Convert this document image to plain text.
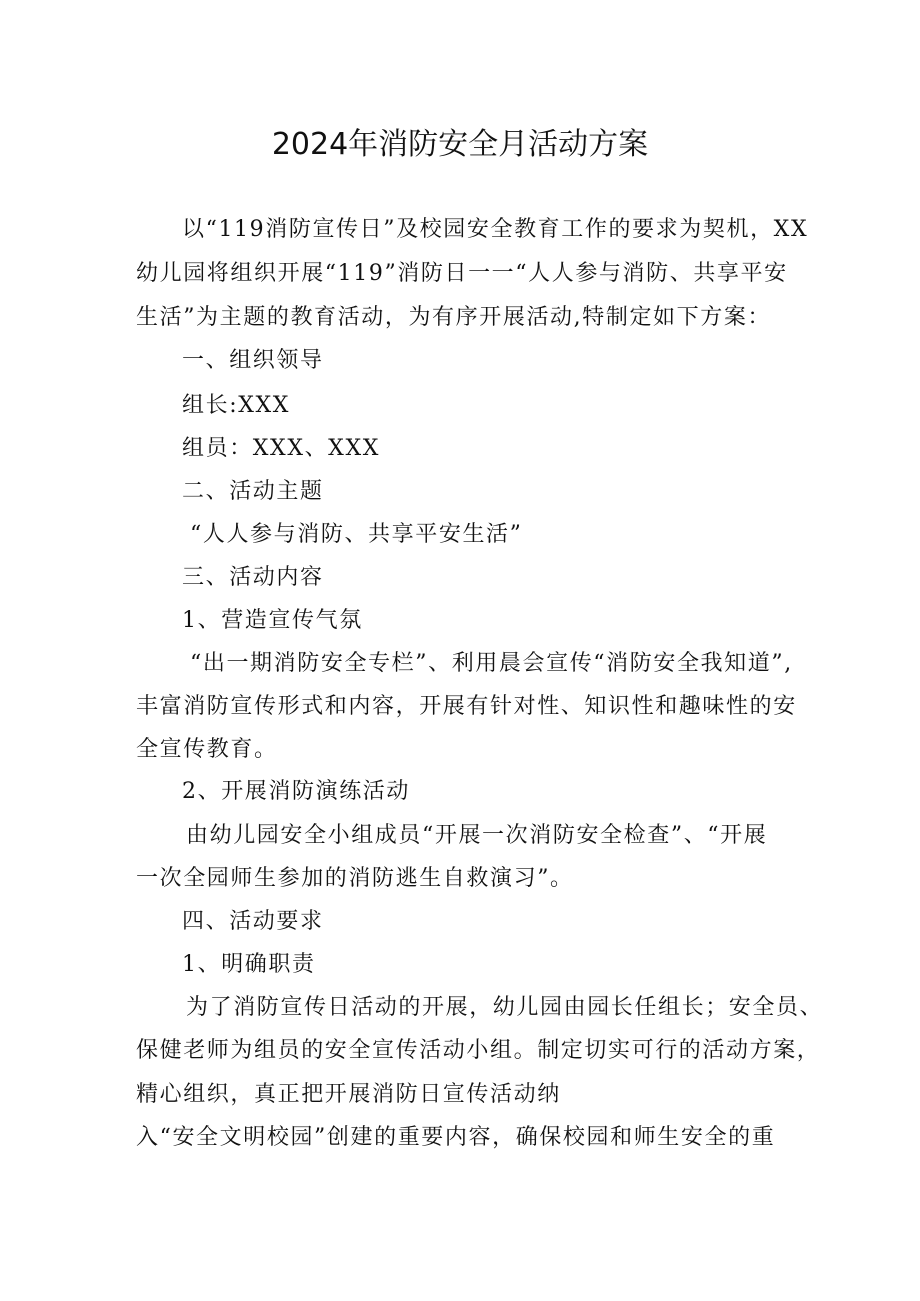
2024年消防安全月活动方案
以“119消防宣传日”及校园安全教育工作的要求为契机，XX
幼儿园将组织开展“119”消防日一一“人人参与消防、共享平安
生活”为主题的教育活动，为有序开展活动,特制定如下方案：
一、组织领导
组长:XXX
组员：XXX、XXX
二、活动主题
“人人参与消防、共享平安生活”
三、活动内容
1、营造宣传气氛
“出一期消防安全专栏”、利用晨会宣传“消防安全我知道”,
丰富消防宣传形式和内容，开展有针对性、知识性和趣味性的安
全宣传教育。
2、开展消防演练活动
由幼儿园安全小组成员“开展一次消防安全检查”、“开展
一次全园师生参加的消防逃生自救演习”。
四、活动要求
1、明确职责
为了消防宣传日活动的开展，幼儿园由园长任组长；安全员、
保健老师为组员的安全宣传活动小组。制定切实可行的活动方案，
精心组织，真正把开展消防日宣传活动纳
入“安全文明校园”创建的重要内容，确保校园和师生安全的重
